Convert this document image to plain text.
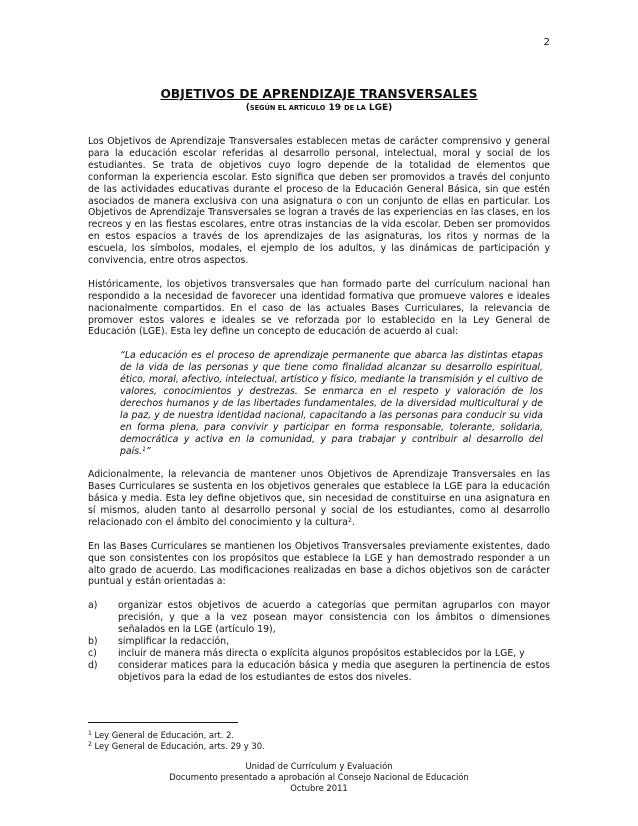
2
OBJETIVOS DE APRENDIZAJE TRANSVERSALES
(SEGÚN EL ARTÍCULO 19 DE LA LGE)

Los Objetivos de Aprendizaje Transversales establecen metas de carácter comprensivo y general para la educación escolar referidas al desarrollo personal, intelectual, moral y social de los estudiantes. Se trata de objetivos cuyo logro depende de la totalidad de elementos que conforman la experiencia escolar. Esto significa que deben ser promovidos a través del conjunto de las actividades educativas durante el proceso de la Educación General Básica, sin que estén asociados de manera exclusiva con una asignatura o con un conjunto de ellas en particular. Los Objetivos de Aprendizaje Transversales se logran a través de las experiencias en las clases, en los recreos y en las fiestas escolares, entre otras instancias de la vida escolar. Deben ser promovidos en estos espacios a través de los aprendizajes de las asignaturas, los ritos y normas de la escuela, los símbolos, modales, el ejemplo de los adultos, y las dinámicas de participación y convivencia, entre otros aspectos.

Históricamente, los objetivos transversales que han formado parte del currículum nacional han respondido a la necesidad de favorecer una identidad formativa que promueve valores e ideales nacionalmente compartidos. En el caso de las actuales Bases Curriculares, la relevancia de promover estos valores e ideales se ve reforzada por lo establecido en la Ley General de Educación (LGE). Esta ley define un concepto de educación de acuerdo al cual:

“La educación es el proceso de aprendizaje permanente que abarca las distintas etapas de la vida de las personas y que tiene como finalidad alcanzar su desarrollo espiritual, ético, moral, afectivo, intelectual, artístico y físico, mediante la transmisión y el cultivo de valores, conocimientos y destrezas. Se enmarca en el respeto y valoración de los derechos humanos y de las libertades fundamentales, de la diversidad multicultural y de la paz, y de nuestra identidad nacional, capacitando a las personas para conducir su vida en forma plena, para convivir y participar en forma responsable, tolerante, solidaria, democrática y activa en la comunidad, y para trabajar y contribuir al desarrollo del país.$^1$”

Adicionalmente, la relevancia de mantener unos Objetivos de Aprendizaje Transversales en las Bases Curriculares se sustenta en los objetivos generales que establece la LGE para la educación básica y media. Esta ley define objetivos que, sin necesidad de constituirse en una asignatura en sí mismos, aluden tanto al desarrollo personal y social de los estudiantes, como al desarrollo relacionado con el ámbito del conocimiento y la cultura$^2$.

En las Bases Curriculares se mantienen los Objetivos Transversales previamente existentes, dado que son consistentes con los propósitos que establece la LGE y han demostrado responder a un alto grado de acuerdo. Las modificaciones realizadas en base a dichos objetivos son de carácter puntual y están orientadas a:

a) organizar estos objetivos de acuerdo a categorías que permitan agruparlos con mayor precisión, y que a la vez posean mayor consistencia con los ámbitos o dimensiones señalados en la LGE (artículo 19),
b) simplificar la redacción,
c) incluir de manera más directa o explícita algunos propósitos establecidos por la LGE, y
d) considerar matices para la educación básica y media que aseguren la pertinencia de estos objetivos para la edad de los estudiantes de estos dos niveles.
$^1$ Ley General de Educación, art. 2.
$^2$ Ley General de Educación, arts. 29 y 30.
Unidad de Currículum y Evaluación
Documento presentado a aprobación al Consejo Nacional de Educación
Octubre 2011
